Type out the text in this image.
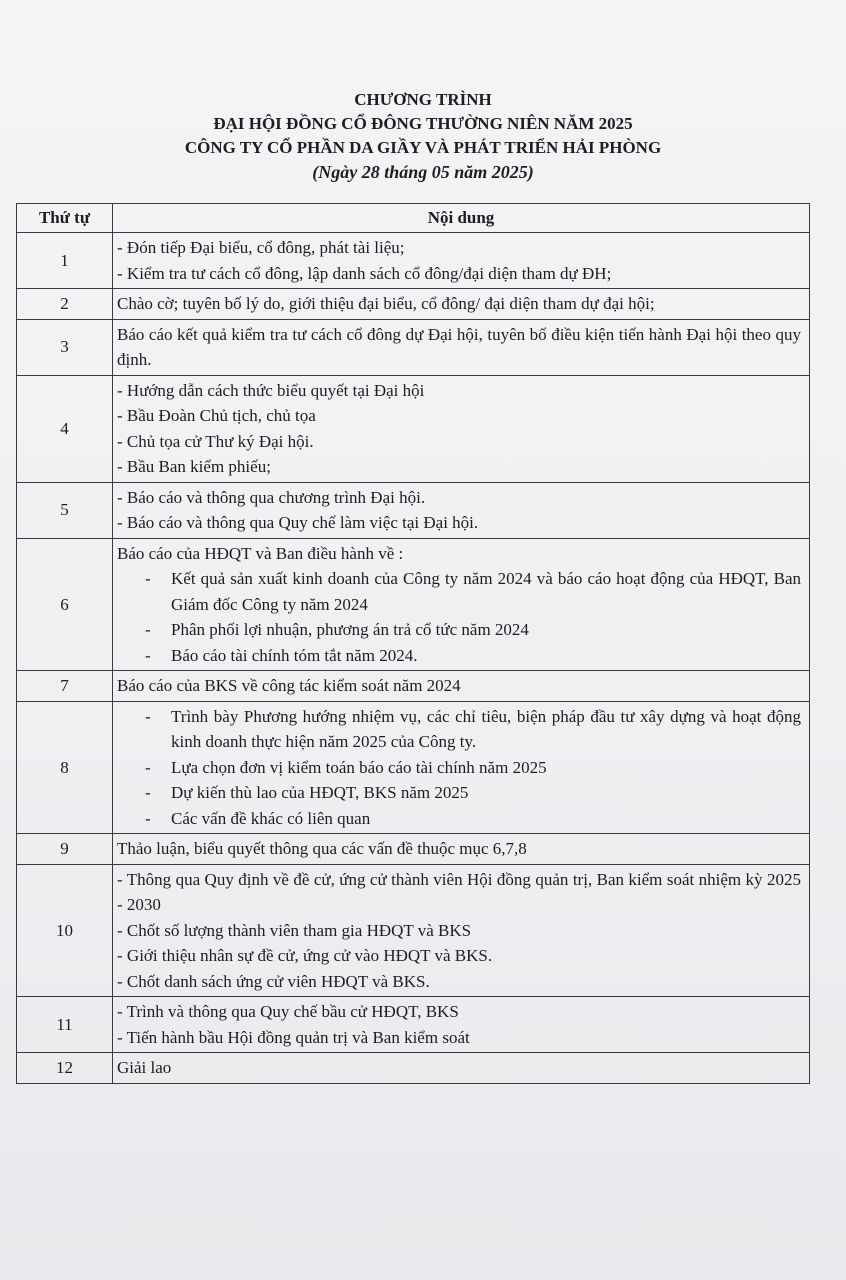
CHƯƠNG TRÌNH
ĐẠI HỘI ĐỒNG CỔ ĐÔNG THƯỜNG NIÊN NĂM 2025
CÔNG TY CỔ PHẦN DA GIẦY VÀ PHÁT TRIỂN HẢI PHÒNG
(Ngày 28 tháng 05 năm 2025)
Thứ tự	Nội dung
1	- Đón tiếp Đại biểu, cổ đông, phát tài liệu;
- Kiểm tra tư cách cổ đông, lập danh sách cổ đông/đại diện tham dự ĐH;

2	Chào cờ; tuyên bố lý do, giới thiệu đại biểu, cổ đông/ đại diện tham dự đại hội;

3	Báo cáo kết quả kiểm tra tư cách cổ đông dự Đại hội, tuyên bố điều kiện tiến hành Đại hội theo quy định.

4	- Hướng dẫn cách thức biểu quyết tại Đại hội
- Bầu Đoàn Chủ tịch, chủ tọa
- Chủ tọa cử Thư ký Đại hội.
- Bầu Ban kiểm phiếu;

5	- Báo cáo và thông qua chương trình Đại hội.
- Báo cáo và thông qua Quy chế làm việc tại Đại hội.

6	Báo cáo của HĐQT và Ban điều hành về :
- Kết quả sản xuất kinh doanh của Công ty năm 2024 và báo cáo hoạt động của HĐQT, Ban Giám đốc Công ty năm 2024
- Phân phối lợi nhuận, phương án trả cổ tức năm 2024
- Báo cáo tài chính tóm tắt năm 2024.

7	Báo cáo của BKS về công tác kiểm soát năm 2024

8	- Trình bày Phương hướng nhiệm vụ, các chỉ tiêu, biện pháp đầu tư xây dựng và hoạt động kinh doanh thực hiện năm 2025 của Công ty.
- Lựa chọn đơn vị kiểm toán báo cáo tài chính năm 2025
- Dự kiến thù lao của HĐQT, BKS năm 2025
- Các vấn đề khác có liên quan

9	Thảo luận, biểu quyết thông qua các vấn đề thuộc mục 6,7,8

10	- Thông qua Quy định về đề cử, ứng cử thành viên Hội đồng quản trị, Ban kiểm soát nhiệm kỳ 2025 - 2030
- Chốt số lượng thành viên tham gia HĐQT và BKS
- Giới thiệu nhân sự đề cử, ứng cử vào HĐQT và BKS.
- Chốt danh sách ứng cử viên HĐQT và BKS.

11	- Trình và thông qua Quy chế bầu cử HĐQT, BKS
- Tiến hành bầu Hội đồng quản trị và Ban kiểm soát

12	Giải lao
